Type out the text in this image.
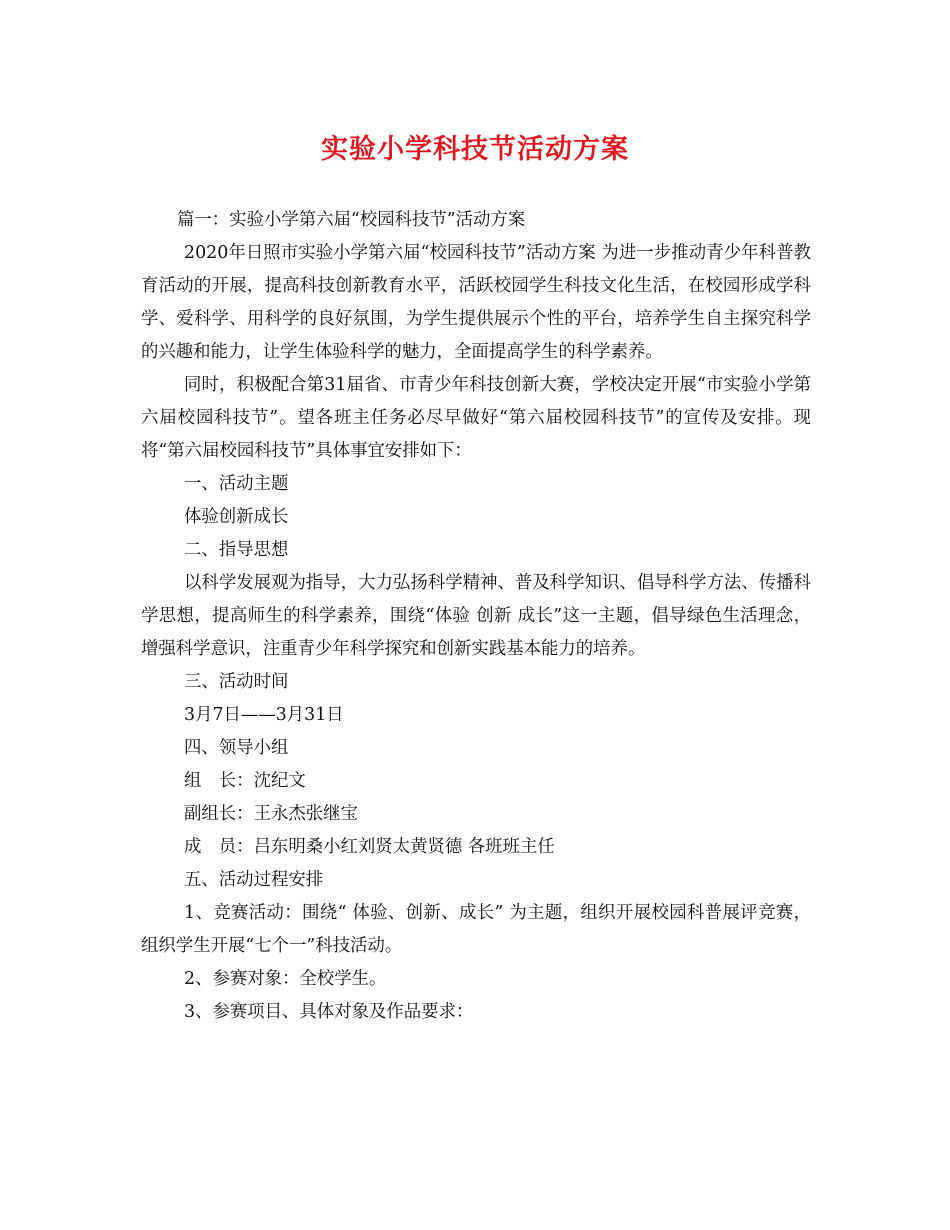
实验小学科技节活动方案

篇一：实验小学第六届“校园科技节”活动方案

2020年日照市实验小学第六届“校园科技节”活动方案 为进一步推动青少年科普教育活动的开展，提高科技创新教育水平，活跃校园学生科技文化生活，在校园形成学科学、爱科学、用科学的良好氛围，为学生提供展示个性的平台，培养学生自主探究科学的兴趣和能力，让学生体验科学的魅力，全面提高学生的科学素养。

同时，积极配合第31届省、市青少年科技创新大赛，学校决定开展“市实验小学第六届校园科技节”。望各班主任务必尽早做好“第六届校园科技节”的宣传及安排。现将“第六届校园科技节”具体事宜安排如下：

一、活动主题

体验创新成长

二、指导思想

以科学发展观为指导，大力弘扬科学精神、普及科学知识、倡导科学方法、传播科学思想，提高师生的科学素养，围绕“体验 创新 成长”这一主题，倡导绿色生活理念，增强科学意识，注重青少年科学探究和创新实践基本能力的培养。

三、活动时间

3月7日——3月31日

四、领导小组

组　长：沈纪文

副组长：王永杰张继宝

成　员：吕东明桑小红刘贤太黄贤德 各班班主任

五、活动过程安排

1、竞赛活动：围绕“ 体验、创新、成长” 为主题，组织开展校园科普展评竞赛，组织学生开展“七个一”科技活动。

2、参赛对象：全校学生。

3、参赛项目、具体对象及作品要求：
